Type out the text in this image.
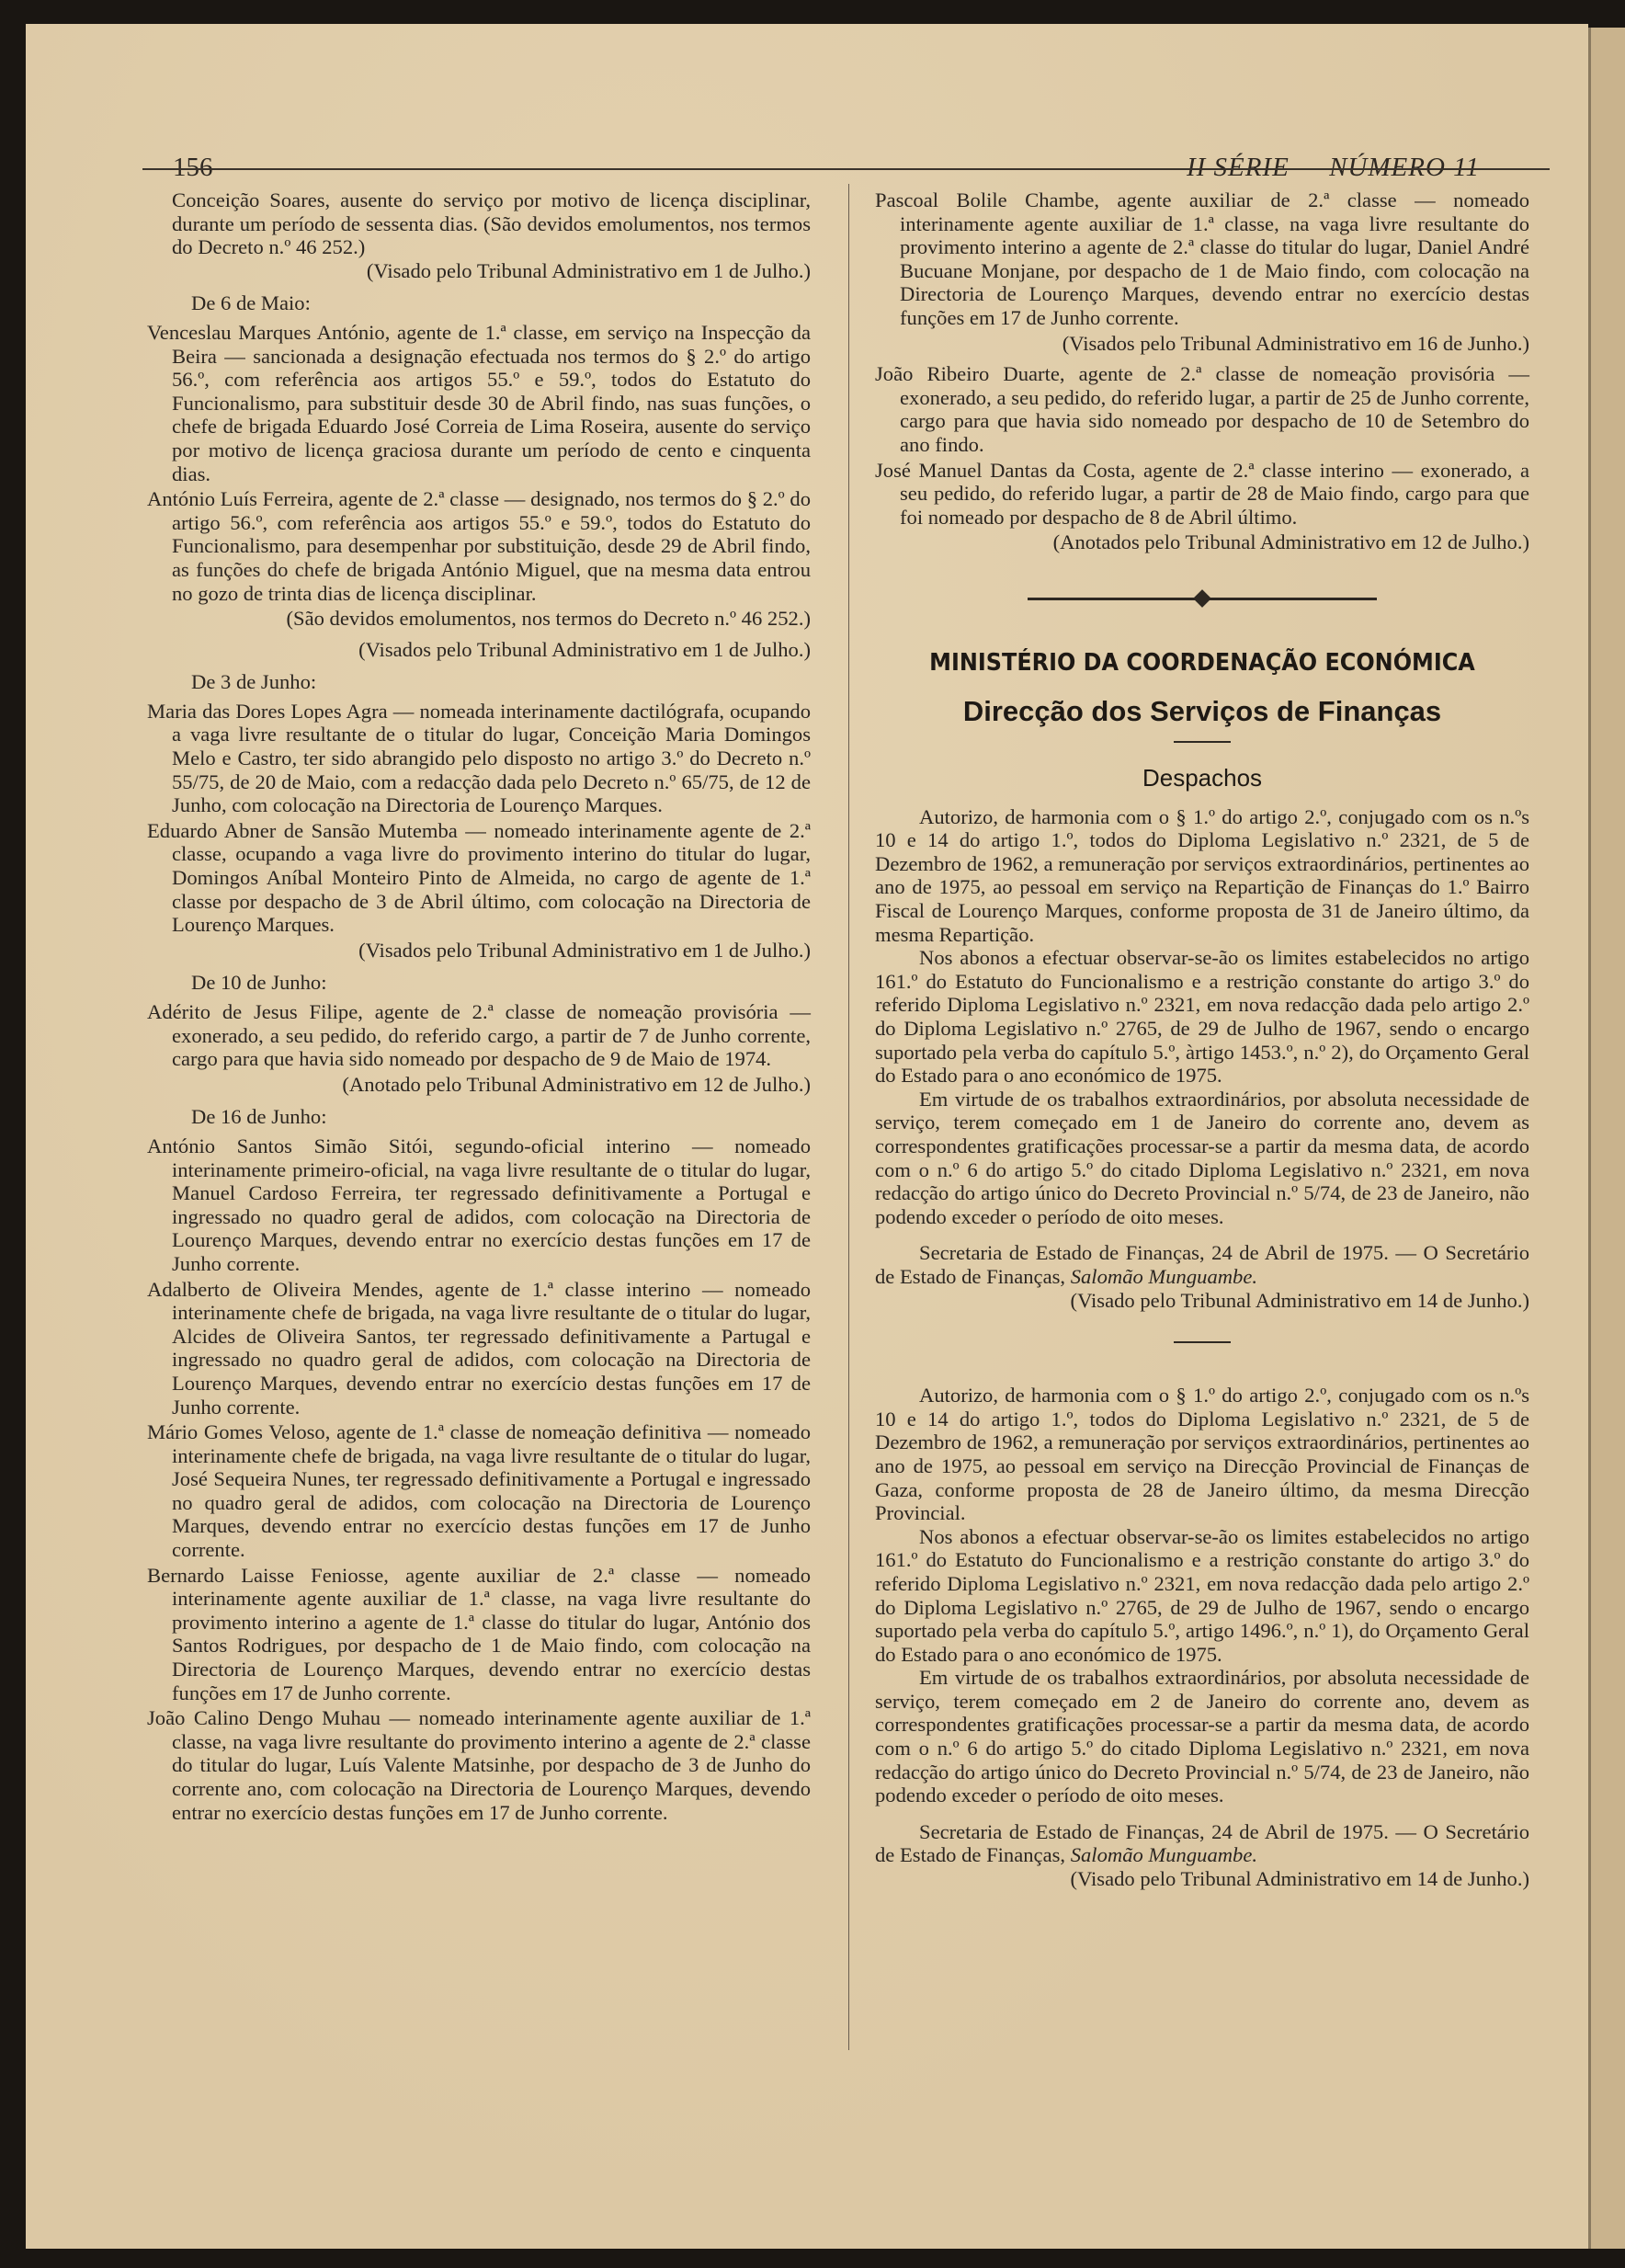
156	II SÉRIE — NÚMERO 11

Conceição Soares, ausente do serviço por motivo de licença disciplinar, durante um período de sessenta dias. (São devidos emolumentos, nos termos do Decreto n.º 46 252.)

(Visado pelo Tribunal Administrativo em 1 de Julho.)

De 6 de Maio:

Venceslau Marques António, agente de 1.ª classe, em serviço na Inspecção da Beira — sancionada a designação efectuada nos termos do § 2.º do artigo 56.º, com referência aos artigos 55.º e 59.º, todos do Estatuto do Funcionalismo, para substituir desde 30 de Abril findo, nas suas funções, o chefe de brigada Eduardo José Correia de Lima Roseira, ausente do serviço por motivo de licença graciosa durante um período de cento e cinquenta dias.

António Luís Ferreira, agente de 2.ª classe — designado, nos termos do § 2.º do artigo 56.º, com referência aos artigos 55.º e 59.º, todos do Estatuto do Funcionalismo, para desempenhar por substituição, desde 29 de Abril findo, as funções do chefe de brigada António Miguel, que na mesma data entrou no gozo de trinta dias de licença disciplinar.

(São devidos emolumentos, nos termos do Decreto n.º 46 252.)

(Visados pelo Tribunal Administrativo em 1 de Julho.)

De 3 de Junho:

Maria das Dores Lopes Agra — nomeada interinamente dactilógrafa, ocupando a vaga livre resultante de o titular do lugar, Conceição Maria Domingos Melo e Castro, ter sido abrangido pelo disposto no artigo 3.º do Decreto n.º 55/75, de 20 de Maio, com a redacção dada pelo Decreto n.º 65/75, de 12 de Junho, com colocação na Directoria de Lourenço Marques.

Eduardo Abner de Sansão Mutemba — nomeado interinamente agente de 2.ª classe, ocupando a vaga livre do provimento interino do titular do lugar, Domingos Aníbal Monteiro Pinto de Almeida, no cargo de agente de 1.ª classe por despacho de 3 de Abril último, com colocação na Directoria de Lourenço Marques.

(Visados pelo Tribunal Administrativo em 1 de Julho.)

De 10 de Junho:

Adérito de Jesus Filipe, agente de 2.ª classe de nomeação provisória — exonerado, a seu pedido, do referido cargo, a partir de 7 de Junho corrente, cargo para que havia sido nomeado por despacho de 9 de Maio de 1974.

(Anotado pelo Tribunal Administrativo em 12 de Julho.)

De 16 de Junho:

António Santos Simão Sitói, segundo-oficial interino — nomeado interinamente primeiro-oficial, na vaga livre resultante de o titular do lugar, Manuel Cardoso Ferreira, ter regressado definitivamente a Portugal e ingressado no quadro geral de adidos, com colocação na Directoria de Lourenço Marques, devendo entrar no exercício destas funções em 17 de Junho corrente.

Adalberto de Oliveira Mendes, agente de 1.ª classe interino — nomeado interinamente chefe de brigada, na vaga livre resultante de o titular do lugar, Alcides de Oliveira Santos, ter regressado definitivamente a Partugal e ingressado no quadro geral de adidos, com colocação na Directoria de Lourenço Marques, devendo entrar no exercício destas funções em 17 de Junho corrente.

Mário Gomes Veloso, agente de 1.ª classe de nomeação definitiva — nomeado interinamente chefe de brigada, na vaga livre resultante de o titular do lugar, José Sequeira Nunes, ter regressado definitivamente a Portugal e ingressado no quadro geral de adidos, com colocação na Directoria de Lourenço Marques, devendo entrar no exercício destas funções em 17 de Junho corrente.

Bernardo Laisse Feniosse, agente auxiliar de 2.ª classe — nomeado interinamente agente auxiliar de 1.ª classe, na vaga livre resultante do provimento interino a agente de 1.ª classe do titular do lugar, António dos Santos Rodrigues, por despacho de 1 de Maio findo, com colocação na Directoria de Lourenço Marques, devendo entrar no exercício destas funções em 17 de Junho corrente.

João Calino Dengo Muhau — nomeado interinamente agente auxiliar de 1.ª classe, na vaga livre resultante do provimento interino a agente de 2.ª classe do titular do lugar, Luís Valente Matsinhe, por despacho de 3 de Junho do corrente ano, com colocação na Directoria de Lourenço Marques, devendo entrar no exercício destas funções em 17 de Junho corrente.

Pascoal Bolile Chambe, agente auxiliar de 2.ª classe — nomeado interinamente agente auxiliar de 1.ª classe, na vaga livre resultante do provimento interino a agente de 2.ª classe do titular do lugar, Daniel André Bucuane Monjane, por despacho de 1 de Maio findo, com colocação na Directoria de Lourenço Marques, devendo entrar no exercício destas funções em 17 de Junho corrente.

(Visados pelo Tribunal Administrativo em 16 de Junho.)

João Ribeiro Duarte, agente de 2.ª classe de nomeação provisória — exonerado, a seu pedido, do referido lugar, a partir de 25 de Junho corrente, cargo para que havia sido nomeado por despacho de 10 de Setembro do ano findo.

José Manuel Dantas da Costa, agente de 2.ª classe interino — exonerado, a seu pedido, do referido lugar, a partir de 28 de Maio findo, cargo para que foi nomeado por despacho de 8 de Abril último.

(Anotados pelo Tribunal Administrativo em 12 de Julho.)

MINISTÉRIO DA COORDENAÇÃO ECONÓMICA
Direcção dos Serviços de Finanças
Despachos

Autorizo, de harmonia com o § 1.º do artigo 2.º, conjugado com os n.ºs 10 e 14 do artigo 1.º, todos do Diploma Legislativo n.º 2321, de 5 de Dezembro de 1962, a remuneração por serviços extraordinários, pertinentes ao ano de 1975, ao pessoal em serviço na Repartição de Finanças do 1.º Bairro Fiscal de Lourenço Marques, conforme proposta de 31 de Janeiro último, da mesma Repartição.

Nos abonos a efectuar observar-se-ão os limites estabelecidos no artigo 161.º do Estatuto do Funcionalismo e a restrição constante do artigo 3.º do referido Diploma Legislativo n.º 2321, em nova redacção dada pelo artigo 2.º do Diploma Legislativo n.º 2765, de 29 de Julho de 1967, sendo o encargo suportado pela verba do capítulo 5.º, àrtigo 1453.º, n.º 2), do Orçamento Geral do Estado para o ano económico de 1975.

Em virtude de os trabalhos extraordinários, por absoluta necessidade de serviço, terem começado em 1 de Janeiro do corrente ano, devem as correspondentes gratificações processar-se a partir da mesma data, de acordo com o n.º 6 do artigo 5.º do citado Diploma Legislativo n.º 2321, em nova redacção do artigo único do Decreto Provincial n.º 5/74, de 23 de Janeiro, não podendo exceder o período de oito meses.

Secretaria de Estado de Finanças, 24 de Abril de 1975. — O Secretário de Estado de Finanças, Salomão Munguambe.

(Visado pelo Tribunal Administrativo em 14 de Junho.)

Autorizo, de harmonia com o § 1.º do artigo 2.º, conjugado com os n.ºs 10 e 14 do artigo 1.º, todos do Diploma Legislativo n.º 2321, de 5 de Dezembro de 1962, a remuneração por serviços extraordinários, pertinentes ao ano de 1975, ao pessoal em serviço na Direcção Provincial de Finanças de Gaza, conforme proposta de 28 de Janeiro último, da mesma Direcção Provincial.

Nos abonos a efectuar observar-se-ão os limites estabelecidos no artigo 161.º do Estatuto do Funcionalismo e a restrição constante do artigo 3.º do referido Diploma Legislativo n.º 2321, em nova redacção dada pelo artigo 2.º do Diploma Legislativo n.º 2765, de 29 de Julho de 1967, sendo o encargo suportado pela verba do capítulo 5.º, artigo 1496.º, n.º 1), do Orçamento Geral do Estado para o ano económico de 1975.

Em virtude de os trabalhos extraordinários, por absoluta necessidade de serviço, terem começado em 2 de Janeiro do corrente ano, devem as correspondentes gratificações processar-se a partir da mesma data, de acordo com o n.º 6 do artigo 5.º do citado Diploma Legislativo n.º 2321, em nova redacção do artigo único do Decreto Provincial n.º 5/74, de 23 de Janeiro, não podendo exceder o período de oito meses.

Secretaria de Estado de Finanças, 24 de Abril de 1975. — O Secretário de Estado de Finanças, Salomão Munguambe.

(Visado pelo Tribunal Administrativo em 14 de Junho.)
